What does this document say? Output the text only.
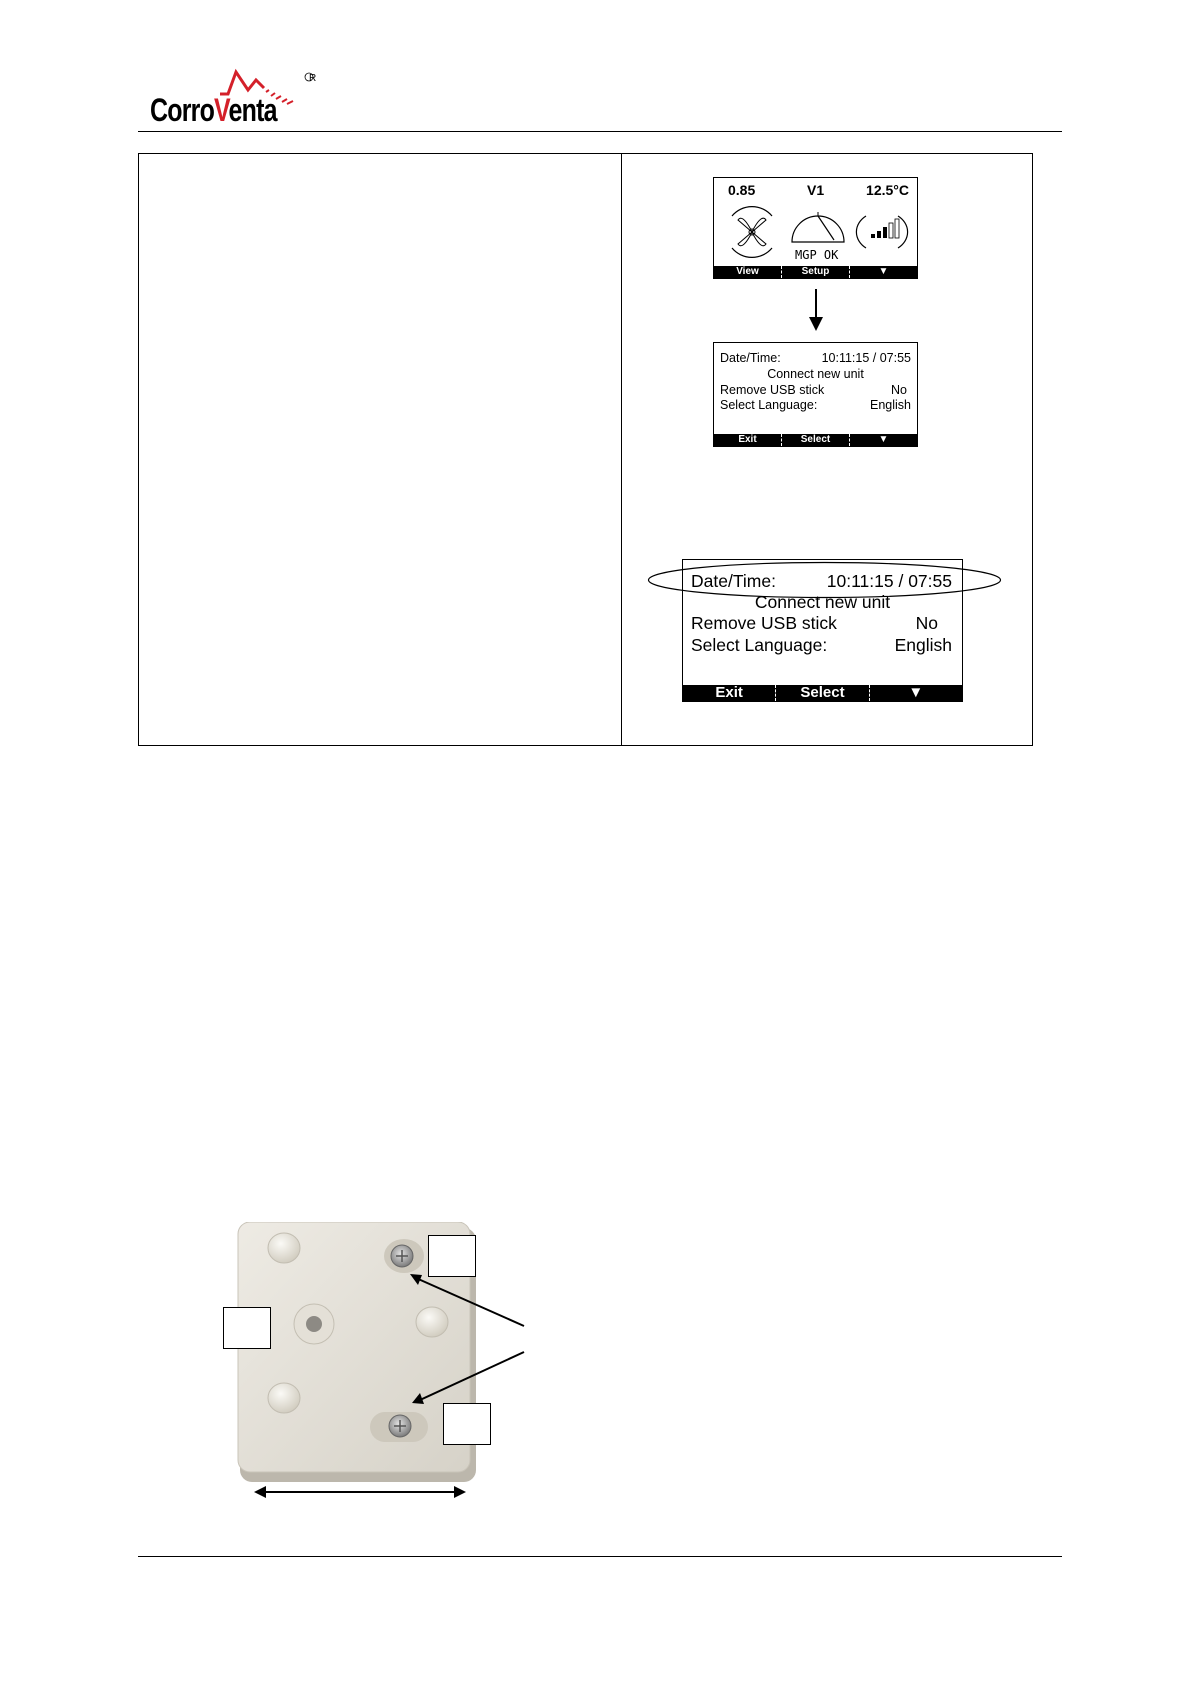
CorroVenta
R
0.85	V1	12.5°C
MGP OK
View	Setup	▼
Date/Time:	10:11:15 / 07:55
Connect new unit
Remove USB stick	No
Select Language:	English
Exit	Select	▼
Date/Time:	10:11:15 / 07:55
Connect new unit
Remove USB stick	No
Select Language:	English
Exit	Select	▼
